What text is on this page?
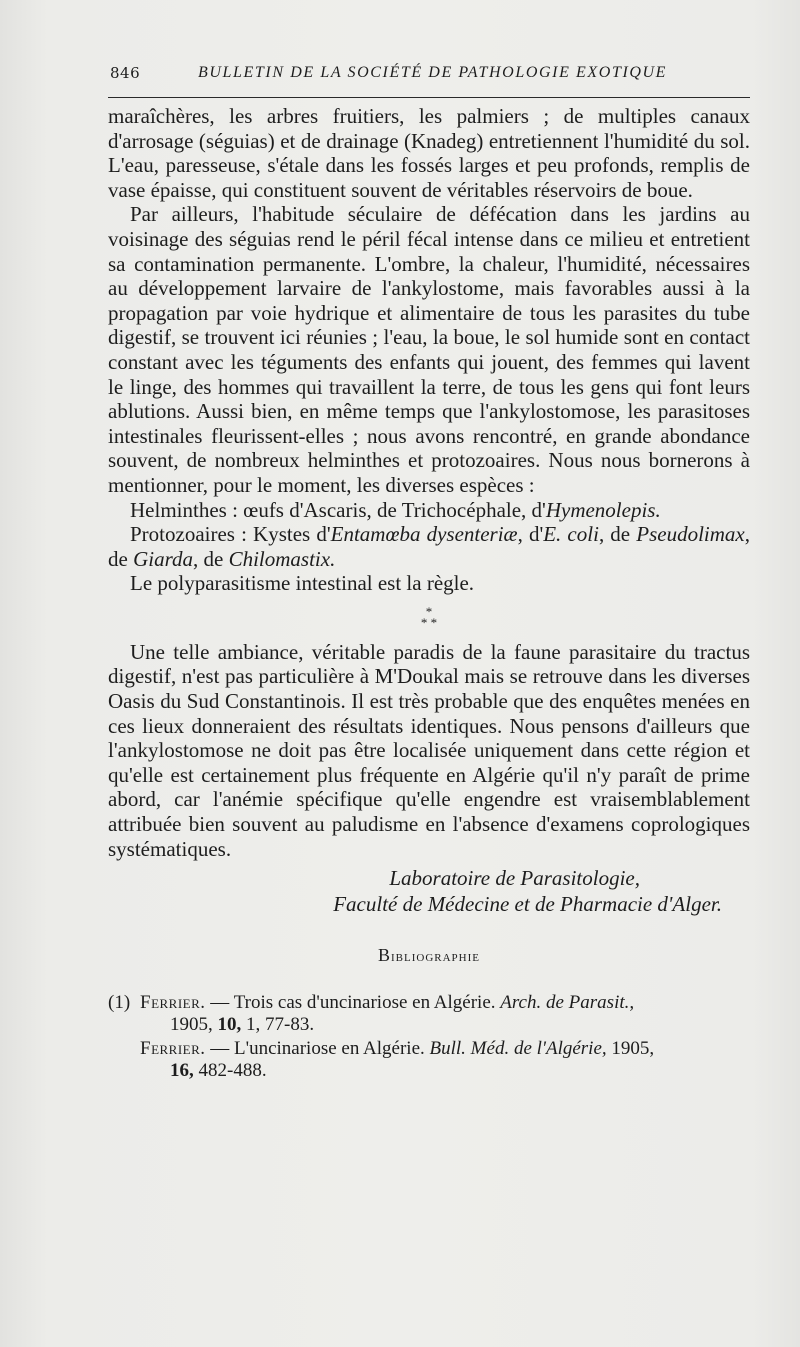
846	BULLETIN DE LA SOCIÉTÉ DE PATHOLOGIE EXOTIQUE

maraîchères, les arbres fruitiers, les palmiers ; de multiples canaux d'arrosage (séguias) et de drainage (Knadeg) entretiennent l'humidité du sol. L'eau, paresseuse, s'étale dans les fossés larges et peu profonds, remplis de vase épaisse, qui constituent souvent de véritables réservoirs de boue.

Par ailleurs, l'habitude séculaire de défécation dans les jardins au voisinage des séguias rend le péril fécal intense dans ce milieu et entretient sa contamination permanente. L'ombre, la chaleur, l'humidité, nécessaires au développement larvaire de l'ankylostome, mais favorables aussi à la propagation par voie hydrique et alimentaire de tous les parasites du tube digestif, se trouvent ici réunies ; l'eau, la boue, le sol humide sont en contact constant avec les téguments des enfants qui jouent, des femmes qui lavent le linge, des hommes qui travaillent la terre, de tous les gens qui font leurs ablutions. Aussi bien, en même temps que l'ankylostomose, les parasitoses intestinales fleurissent-elles ; nous avons rencontré, en grande abondance souvent, de nombreux helminthes et protozoaires. Nous nous bornerons à mentionner, pour le moment, les diverses espèces :

Helminthes : œufs d'Ascaris, de Trichocéphale, d'Hymenolepis.

Protozoaires : Kystes d'Entamœba dysenteriæ, d'E. coli, de Pseudolimax, de Giarda, de Chilomastix.

Le polyparasitisme intestinal est la règle.

*
* *

Une telle ambiance, véritable paradis de la faune parasitaire du tractus digestif, n'est pas particulière à M'Doukal mais se retrouve dans les diverses Oasis du Sud Constantinois. Il est très probable que des enquêtes menées en ces lieux donneraient des résultats identiques. Nous pensons d'ailleurs que l'ankylostomose ne doit pas être localisée uniquement dans cette région et qu'elle est certainement plus fréquente en Algérie qu'il n'y paraît de prime abord, car l'anémie spécifique qu'elle engendre est vraisemblablement attribuée bien souvent au paludisme en l'absence d'examens coprologiques systématiques.

Laboratoire de Parasitologie,
Faculté de Médecine et de Pharmacie d'Alger.
Bibliographie
(1) Ferrier. — Trois cas d'uncinariose en Algérie. Arch. de Parasit.,
1905, 10, 1, 77-83.
Ferrier. — L'uncinariose en Algérie. Bull. Méd. de l'Algérie, 1905,
16, 482-488.
